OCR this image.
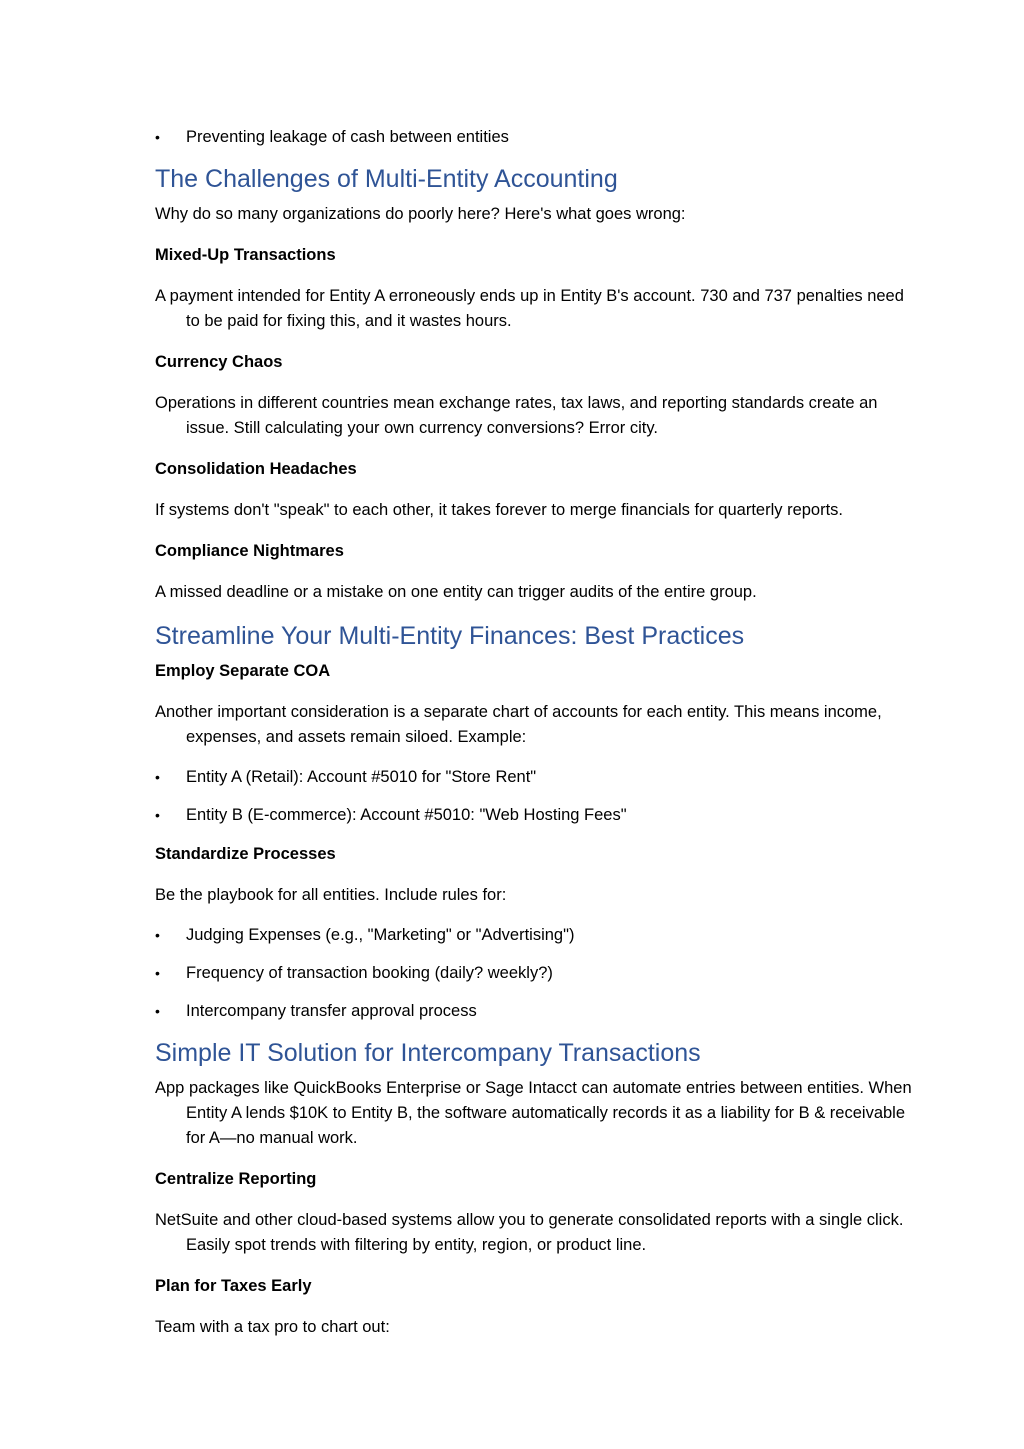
• Preventing leakage of cash between entities
The Challenges of Multi-Entity Accounting

Why do so many organizations do poorly here? Here's what goes wrong:

Mixed-Up Transactions

A payment intended for Entity A erroneously ends up in Entity B's account. 730 and 737 penalties need to be paid for fixing this, and it wastes hours.

Currency Chaos

Operations in different countries mean exchange rates, tax laws, and reporting standards create an issue. Still calculating your own currency conversions? Error city.

Consolidation Headaches

If systems don't "speak" to each other, it takes forever to merge financials for quarterly reports.

Compliance Nightmares

A missed deadline or a mistake on one entity can trigger audits of the entire group.

Streamline Your Multi-Entity Finances: Best Practices

Employ Separate COA

Another important consideration is a separate chart of accounts for each entity. This means income, expenses, and assets remain siloed. Example:

• Entity A (Retail): Account #5010 for "Store Rent"
• Entity B (E-commerce): Account #5010: "Web Hosting Fees"

Standardize Processes

Be the playbook for all entities. Include rules for:

• Judging Expenses (e.g., "Marketing" or "Advertising")
• Frequency of transaction booking (daily? weekly?)
• Intercompany transfer approval process
Simple IT Solution for Intercompany Transactions

App packages like QuickBooks Enterprise or Sage Intacct can automate entries between entities. When Entity A lends $10K to Entity B, the software automatically records it as a liability for B & receivable for A—no manual work.

Centralize Reporting

NetSuite and other cloud-based systems allow you to generate consolidated reports with a single click. Easily spot trends with filtering by entity, region, or product line.

Plan for Taxes Early

Team with a tax pro to chart out:
